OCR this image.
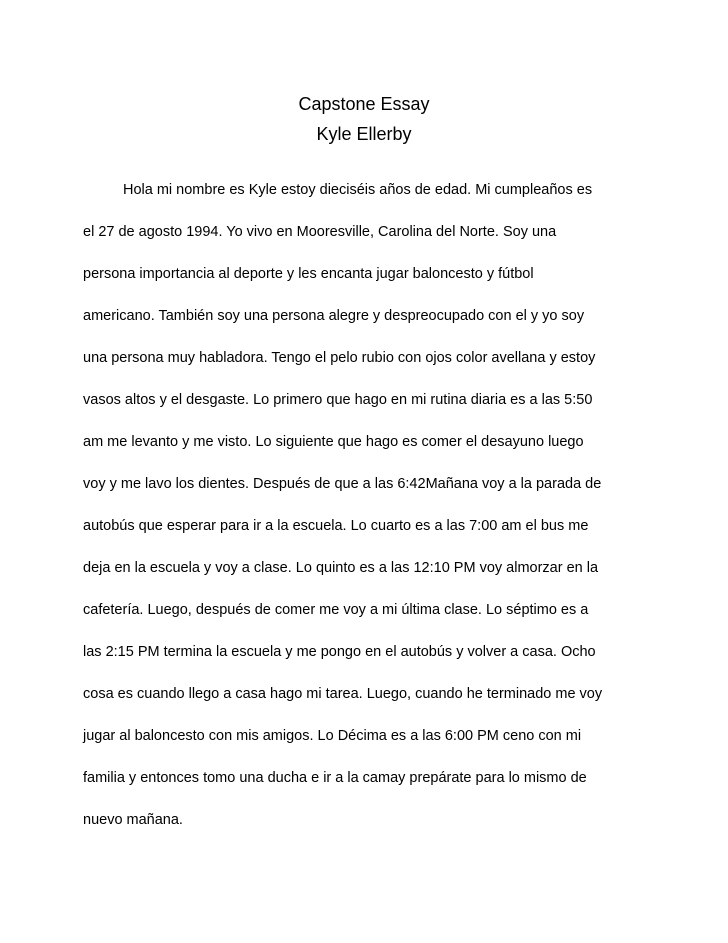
Capstone Essay
Kyle Ellerby
Hola mi nombre es Kyle estoy dieciséis años de edad. Mi cumpleaños es
el 27 de agosto 1994. Yo vivo en Mooresville, Carolina del Norte. Soy una
persona importancia al deporte y les encanta jugar baloncesto y fútbol
americano. También soy una persona alegre y despreocupado con el y yo soy
una persona muy habladora. Tengo el pelo rubio con ojos color avellana y estoy
vasos altos y el desgaste. Lo primero que hago en mi rutina diaria es a las 5:50
am me levanto y me visto. Lo siguiente que hago es comer el desayuno luego
voy y me lavo los dientes. Después de que a las 6:42Mañana voy a la parada de
autobús que esperar para ir a la escuela. Lo cuarto es a las 7:00 am el bus me
deja en la escuela y voy a clase. Lo quinto es a las 12:10 PM voy almorzar en la
cafetería. Luego, después de comer me voy a mi última clase. Lo séptimo es a
las 2:15 PM termina la escuela y me pongo en el autobús y volver a casa. Ocho
cosa es cuando llego a casa hago mi tarea. Luego, cuando he terminado me voy
jugar al baloncesto con mis amigos. Lo Décima es a las 6:00 PM ceno con mi
familia y entonces tomo una ducha e ir a la camay prepárate para lo mismo de
nuevo mañana.
